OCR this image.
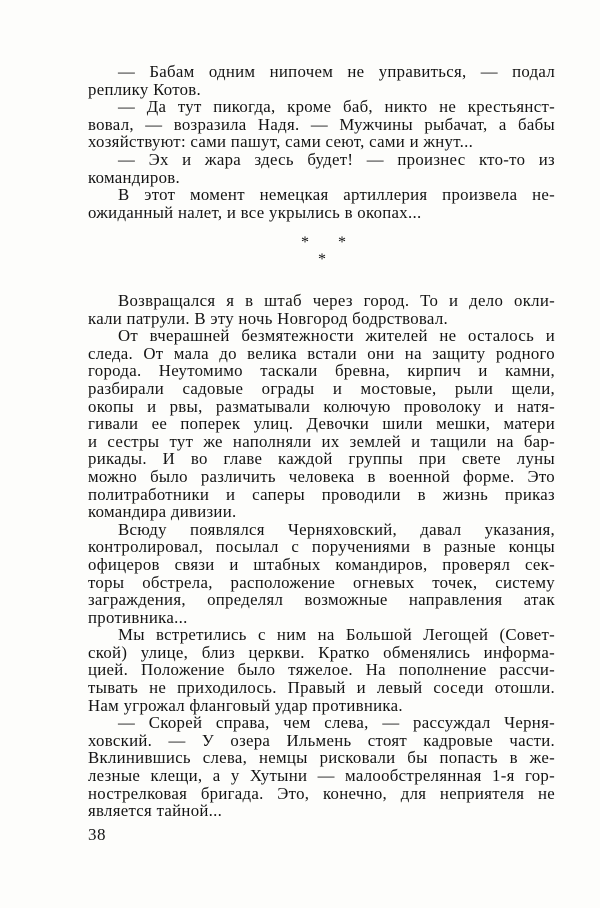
— Бабам одним нипочем не управиться, — подал
реплику Котов.
— Да тут пикогда, кроме баб, никто не крестьянст-
вовал, — возразила Надя. — Мужчины рыбачат, а бабы
хозяйствуют: сами пашут, сами сеют, сами и жнут...
— Эх и жара здесь будет! — произнес кто-то из
командиров.
В этот момент немецкая артиллерия произвела не-
ожиданный налет, и все укрылись в окопах...
* *
*
Возвращался я в штаб через город. То и дело окли-
кали патрули. В эту ночь Новгород бодрствовал.
От вчерашней безмятежности жителей не осталось и
следа. От мала до велика встали они на защиту родного
города. Неутомимо таскали бревна, кирпич и камни,
разбирали садовые ограды и мостовые, рыли щели,
окопы и рвы, разматывали колючую проволоку и натя-
гивали ее поперек улиц. Девочки шили мешки, матери
и сестры тут же наполняли их землей и тащили на бар-
рикады. И во главе каждой группы при свете луны
можно было различить человека в военной форме. Это
политработники и саперы проводили в жизнь приказ
командира дивизии.
Всюду появлялся Черняховский, давал указания,
контролировал, посылал с поручениями в разные концы
офицеров связи и штабных командиров, проверял сек-
торы обстрела, расположение огневых точек, систему
заграждения, определял возможные направления атак
противника...
Мы встретились с ним на Большой Легощей (Совет-
ской) улице, близ церкви. Кратко обменялись информа-
цией. Положение было тяжелое. На пополнение рассчи-
тывать не приходилось. Правый и левый соседи отошли.
Нам угрожал фланговый удар противника.
— Скорей справа, чем слева, — рассуждал Черня-
ховский. — У озера Ильмень стоят кадровые части.
Вклинившись слева, немцы рисковали бы попасть в же-
лезные клещи, а у Хутыни — малообстрелянная 1-я гор-
нострелковая бригада. Это, конечно, для неприятеля не
является тайной...
38
